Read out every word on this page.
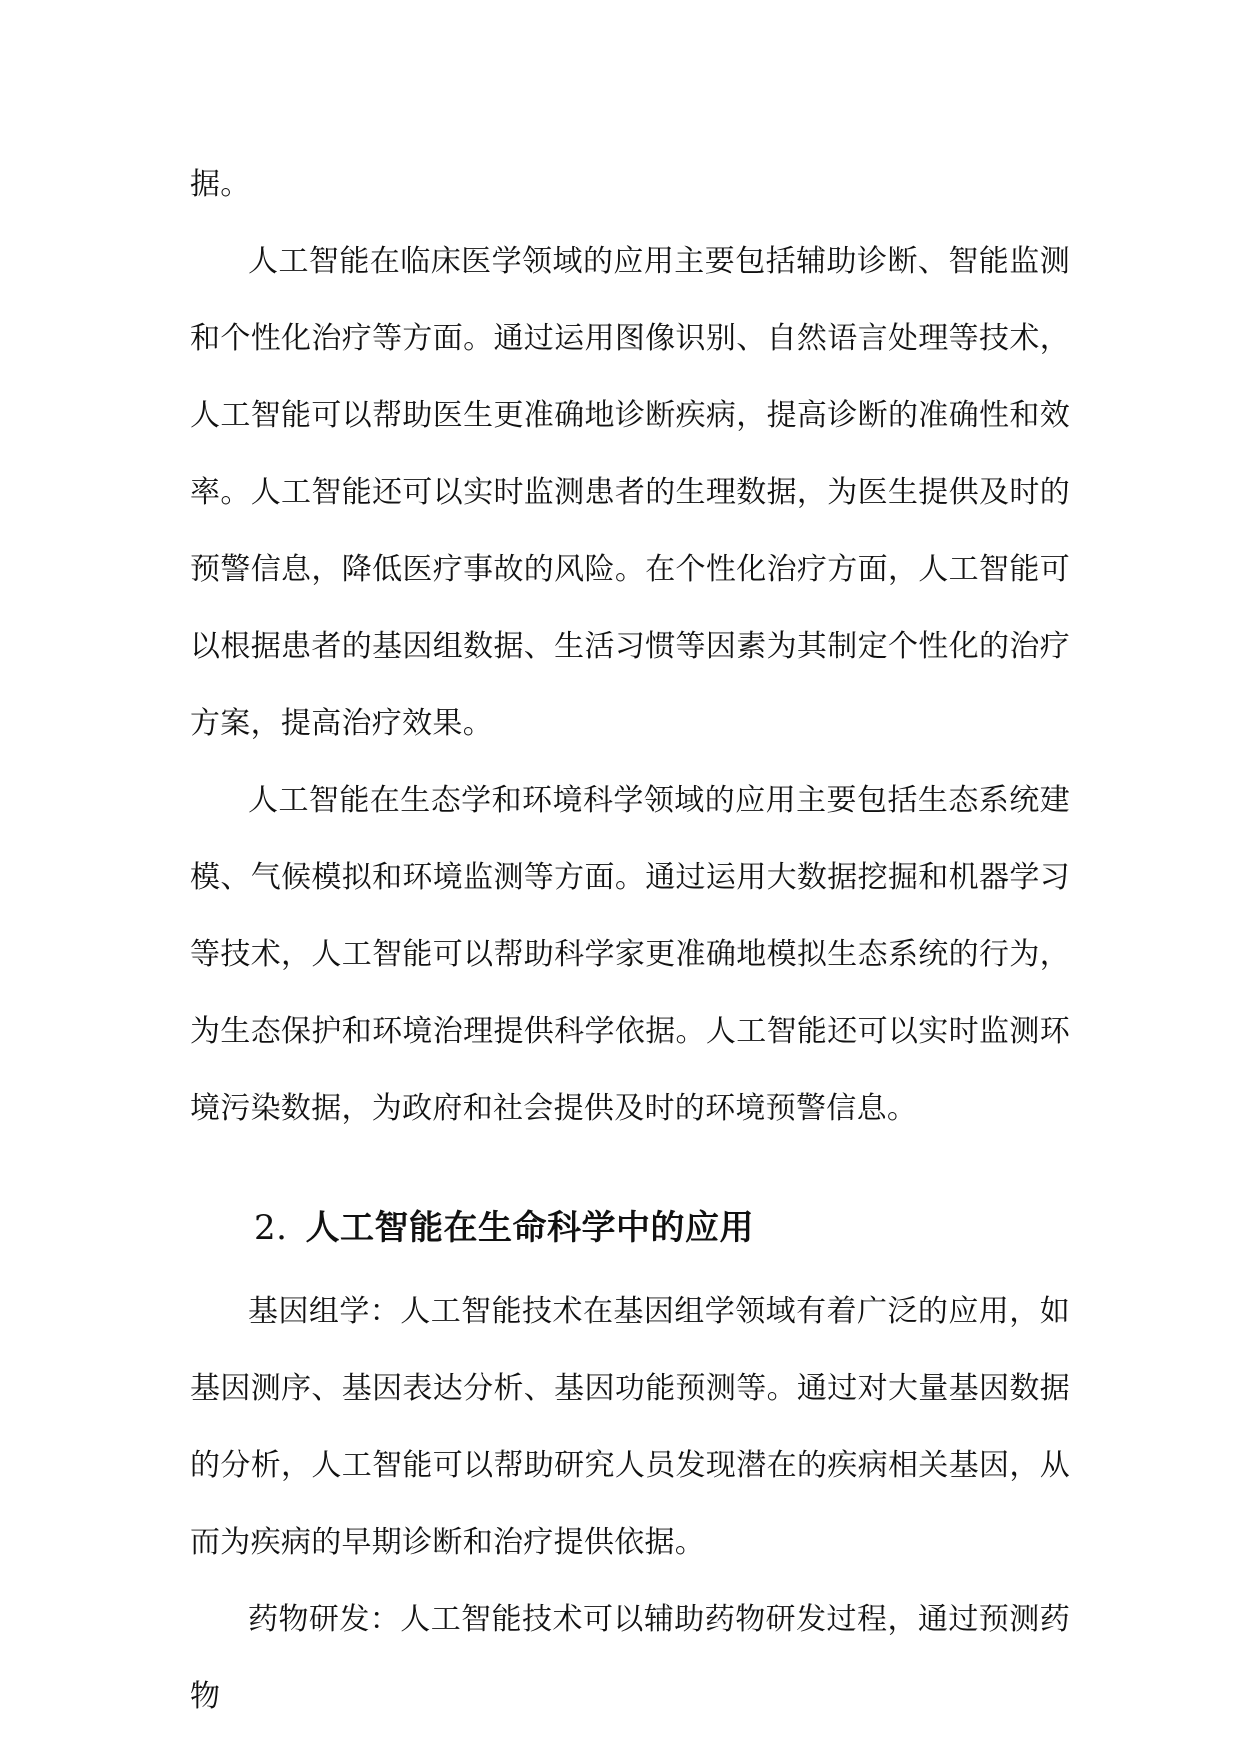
据。

人工智能在临床医学领域的应用主要包括辅助诊断、智能监测和个性化治疗等方面。通过运用图像识别、自然语言处理等技术，人工智能可以帮助医生更准确地诊断疾病，提高诊断的准确性和效率。人工智能还可以实时监测患者的生理数据，为医生提供及时的预警信息，降低医疗事故的风险。在个性化治疗方面，人工智能可以根据患者的基因组数据、生活习惯等因素为其制定个性化的治疗方案，提高治疗效果。

人工智能在生态学和环境科学领域的应用主要包括生态系统建模、气候模拟和环境监测等方面。通过运用大数据挖掘和机器学习等技术，人工智能可以帮助科学家更准确地模拟生态系统的行为，为生态保护和环境治理提供科学依据。人工智能还可以实时监测环境污染数据，为政府和社会提供及时的环境预警信息。

2. 人工智能在生命科学中的应用

基因组学：人工智能技术在基因组学领域有着广泛的应用，如基因测序、基因表达分析、基因功能预测等。通过对大量基因数据的分析，人工智能可以帮助研究人员发现潜在的疾病相关基因，从而为疾病的早期诊断和治疗提供依据。

药物研发：人工智能技术可以辅助药物研发过程，通过预测药物
